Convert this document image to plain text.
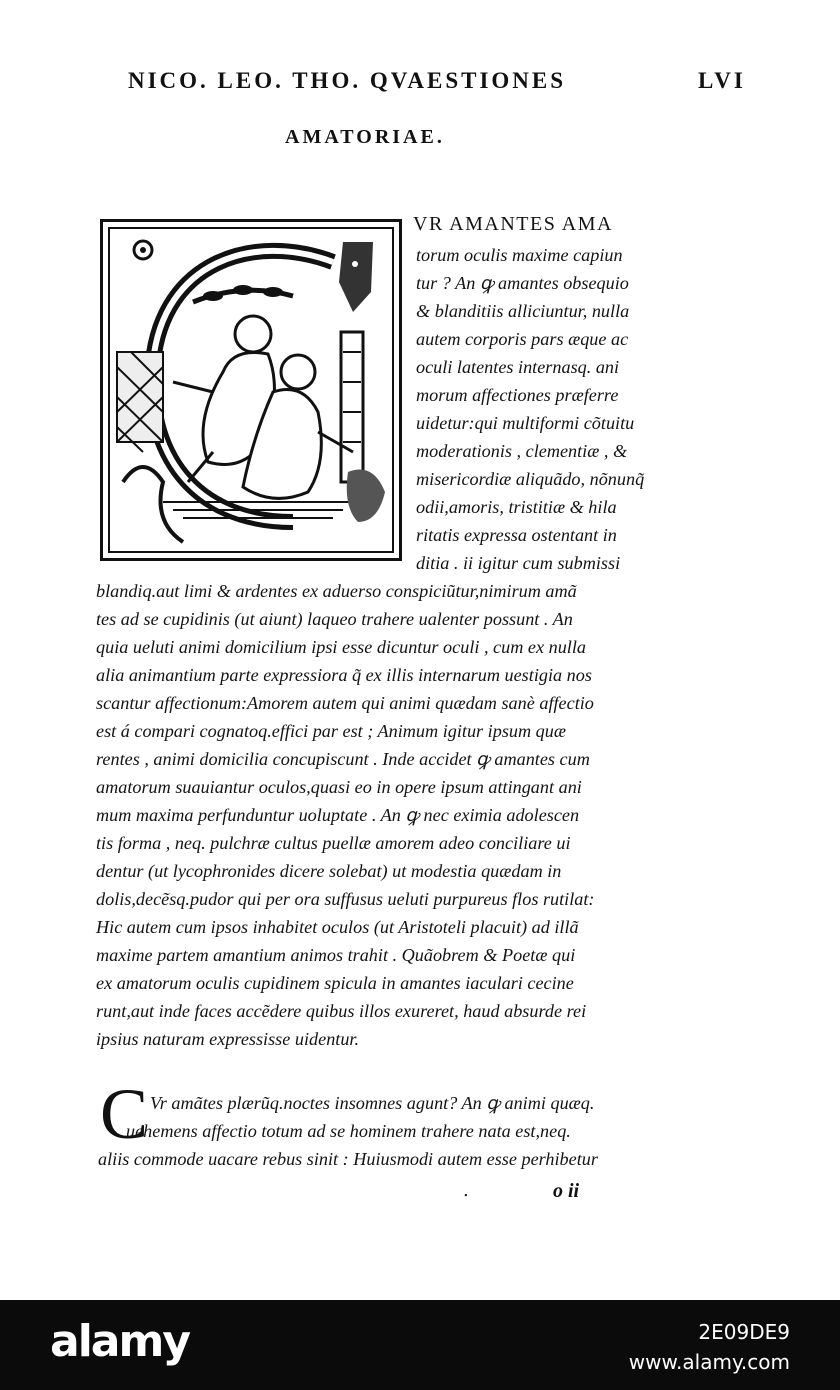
NICO. LEO. THO. QVAESTIONES	LVI
AMATORIAE.
VR AMANTES AMA
torum oculis maxime capiun
tur ? An ꝙ amantes obsequio
& blanditiis alliciuntur, nulla
autem corporis pars æque ac
oculi latentes internasq. ani
morum affectiones præferre
uidetur:qui multiformi cõtuitu
moderationis , clementiæ , &
misericordiæ aliquãdo, nõnunq̃
odii,amoris, tristitiæ & hila
ritatis expressa ostentant in
ditia . ii igitur cum submissi
blandiq.aut limi & ardentes ex aduerso conspiciũtur,nimirum amã
tes ad se cupidinis (ut aiunt) laqueo trahere ualenter possunt . An
quia ueluti animi domicilium ipsi esse dicuntur oculi , cum ex nulla
alia animantium parte expressiora q̃ ex illis internarum uestigia nos
scantur affectionum:Amorem autem qui animi quædam sanè affectio
est á compari cognatoq.effici par est ; Animum igitur ipsum quæ
rentes , animi domicilia concupiscunt . Inde accidet ꝙ amantes cum
amatorum suauiantur oculos,quasi eo in opere ipsum attingant ani
mum maxima perfunduntur uoluptate . An ꝙ nec eximia adolescen
tis forma , neq. pulchræ cultus puellæ amorem adeo conciliare ui
dentur (ut lycophronides dicere solebat) ut modestia quædam in
dolis,decẽsq.pudor qui per ora suffusus ueluti purpureus flos rutilat:
Hic autem cum ipsos inhabitet oculos (ut Aristoteli placuit) ad illã
maxime partem amantium animos trahit . Quãobrem & Poetæ qui
ex amatorum oculis cupidinem spicula in amantes iaculari cecine
runt,aut inde faces accẽdere quibus illos exureret, haud absurde rei
ipsius naturam expressisse uidentur.
C Vr amãtes plærũq.noctes insomnes agunt? An ꝙ animi quæq.
uehemens affectio totum ad se hominem trahere nata est,neq.
aliis commode uacare rebus sinit : Huiusmodi autem esse perhibetur
.	o ii
alamy	2E09DE9
www.alamy.com
